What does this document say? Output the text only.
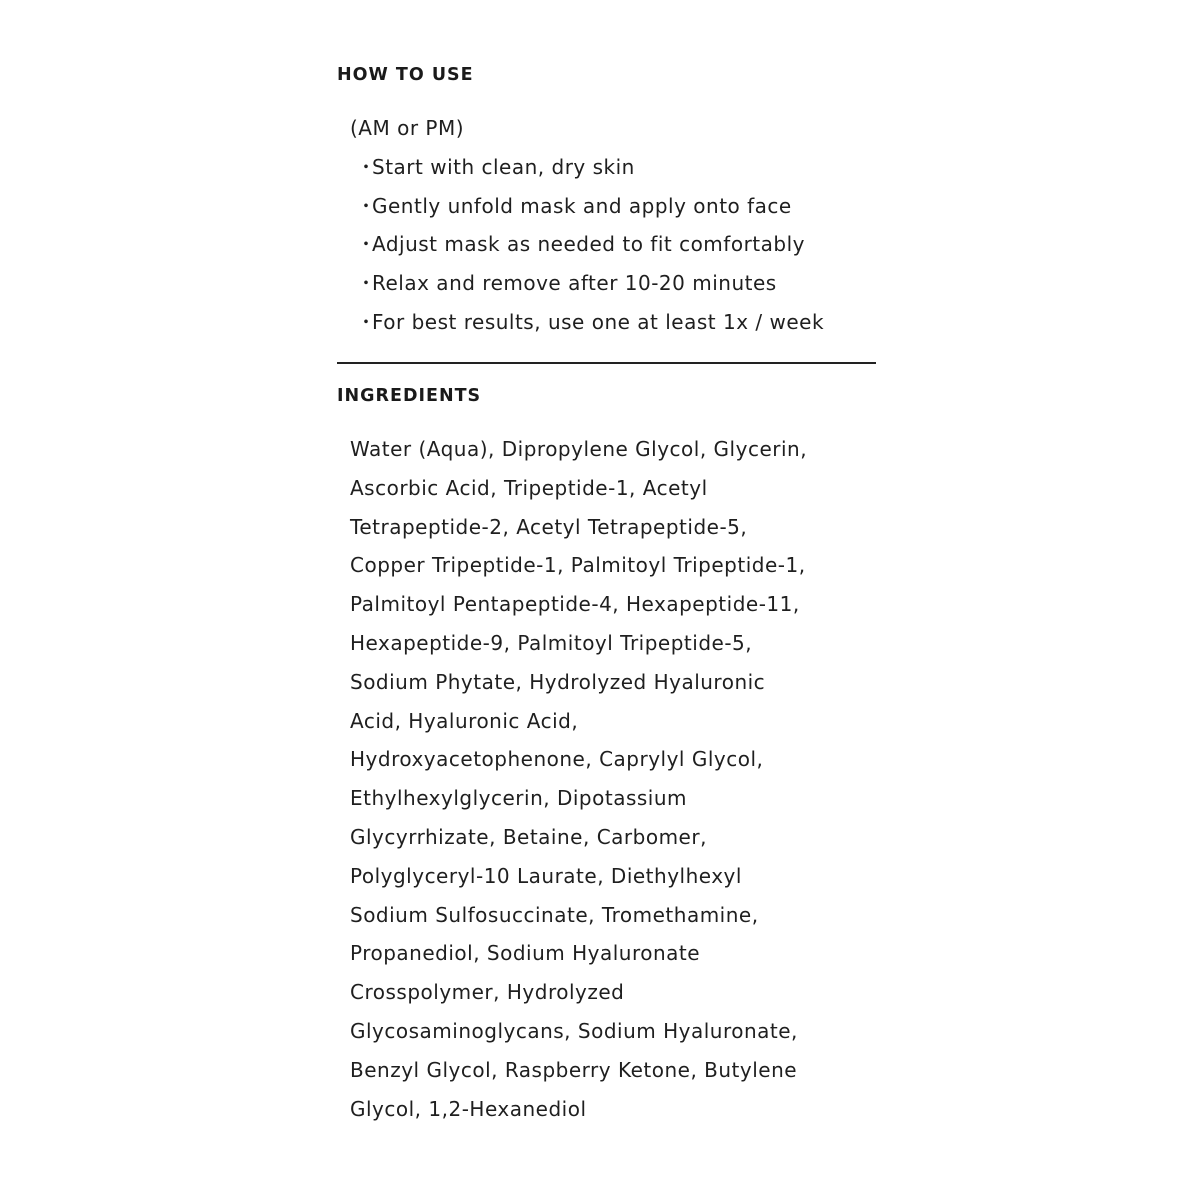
HOW TO USE
(AM or PM)
・Start with clean, dry skin
・Gently unfold mask and apply onto face
・Adjust mask as needed to fit comfortably
・Relax and remove after 10-20 minutes
・For best results, use one at least 1x / week
INGREDIENTS
Water (Aqua), Dipropylene Glycol, Glycerin,
Ascorbic Acid, Tripeptide-1, Acetyl
Tetrapeptide-2, Acetyl Tetrapeptide-5,
Copper Tripeptide-1, Palmitoyl Tripeptide-1,
Palmitoyl Pentapeptide-4, Hexapeptide-11,
Hexapeptide-9, Palmitoyl Tripeptide-5,
Sodium Phytate, Hydrolyzed Hyaluronic
Acid, Hyaluronic Acid,
Hydroxyacetophenone, Caprylyl Glycol,
Ethylhexylglycerin, Dipotassium
Glycyrrhizate, Betaine, Carbomer,
Polyglyceryl-10 Laurate, Diethylhexyl
Sodium Sulfosuccinate, Tromethamine,
Propanediol, Sodium Hyaluronate
Crosspolymer, Hydrolyzed
Glycosaminoglycans, Sodium Hyaluronate,
Benzyl Glycol, Raspberry Ketone, Butylene
Glycol, 1,2-Hexanediol
